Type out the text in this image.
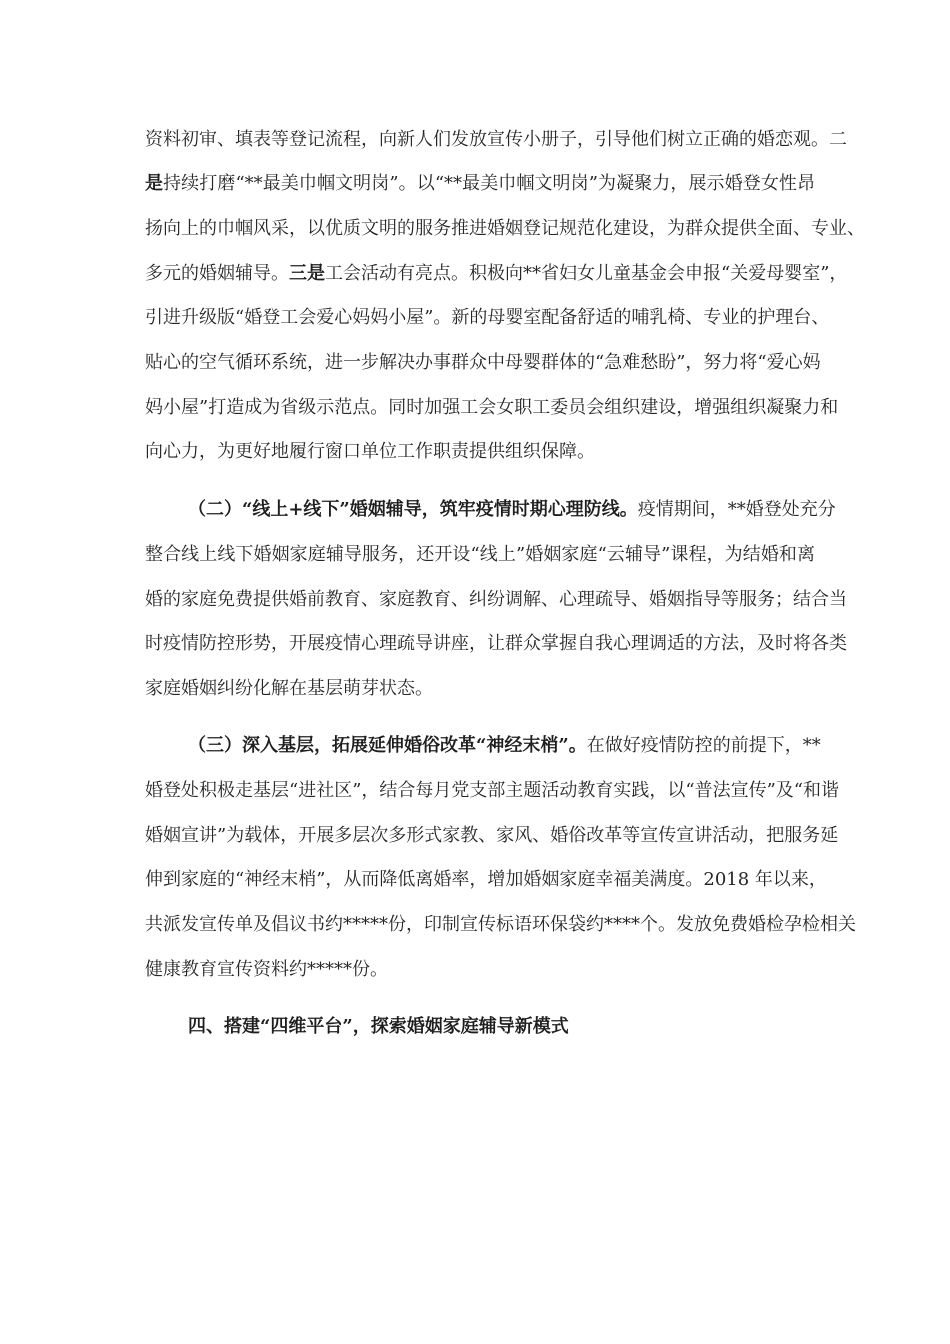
资料初审、填表等登记流程，向新人们发放宣传小册子，引导他们树立正确的婚恋观。二
是持续打磨“**最美巾帼文明岗”。以“**最美巾帼文明岗”为凝聚力，展示婚登女性昂
扬向上的巾帼风采，以优质文明的服务推进婚姻登记规范化建设，为群众提供全面、专业、
多元的婚姻辅导。三是工会活动有亮点。积极向**省妇女儿童基金会申报“关爱母婴室”，
引进升级版“婚登工会爱心妈妈小屋”。新的母婴室配备舒适的哺乳椅、专业的护理台、
贴心的空气循环系统，进一步解决办事群众中母婴群体的“急难愁盼”，努力将“爱心妈
妈小屋”打造成为省级示范点。同时加强工会女职工委员会组织建设，增强组织凝聚力和
向心力，为更好地履行窗口单位工作职责提供组织保障。
（二）“线上+线下”婚姻辅导，筑牢疫情时期心理防线。疫情期间，**婚登处充分
整合线上线下婚姻家庭辅导服务，还开设“线上”婚姻家庭“云辅导”课程，为结婚和离
婚的家庭免费提供婚前教育、家庭教育、纠纷调解、心理疏导、婚姻指导等服务；结合当
时疫情防控形势，开展疫情心理疏导讲座，让群众掌握自我心理调适的方法，及时将各类
家庭婚姻纠纷化解在基层萌芽状态。
（三）深入基层，拓展延伸婚俗改革“神经末梢”。在做好疫情防控的前提下，**
婚登处积极走基层“进社区”，结合每月党支部主题活动教育实践，以“普法宣传”及“和谐
婚姻宣讲”为载体，开展多层次多形式家教、家风、婚俗改革等宣传宣讲活动，把服务延
伸到家庭的“神经末梢”，从而降低离婚率，增加婚姻家庭幸福美满度。2018 年以来，
共派发宣传单及倡议书约*****份，印制宣传标语环保袋约****个。发放免费婚检孕检相关
健康教育宣传资料约*****份。
四、搭建“四维平台”，探索婚姻家庭辅导新模式
